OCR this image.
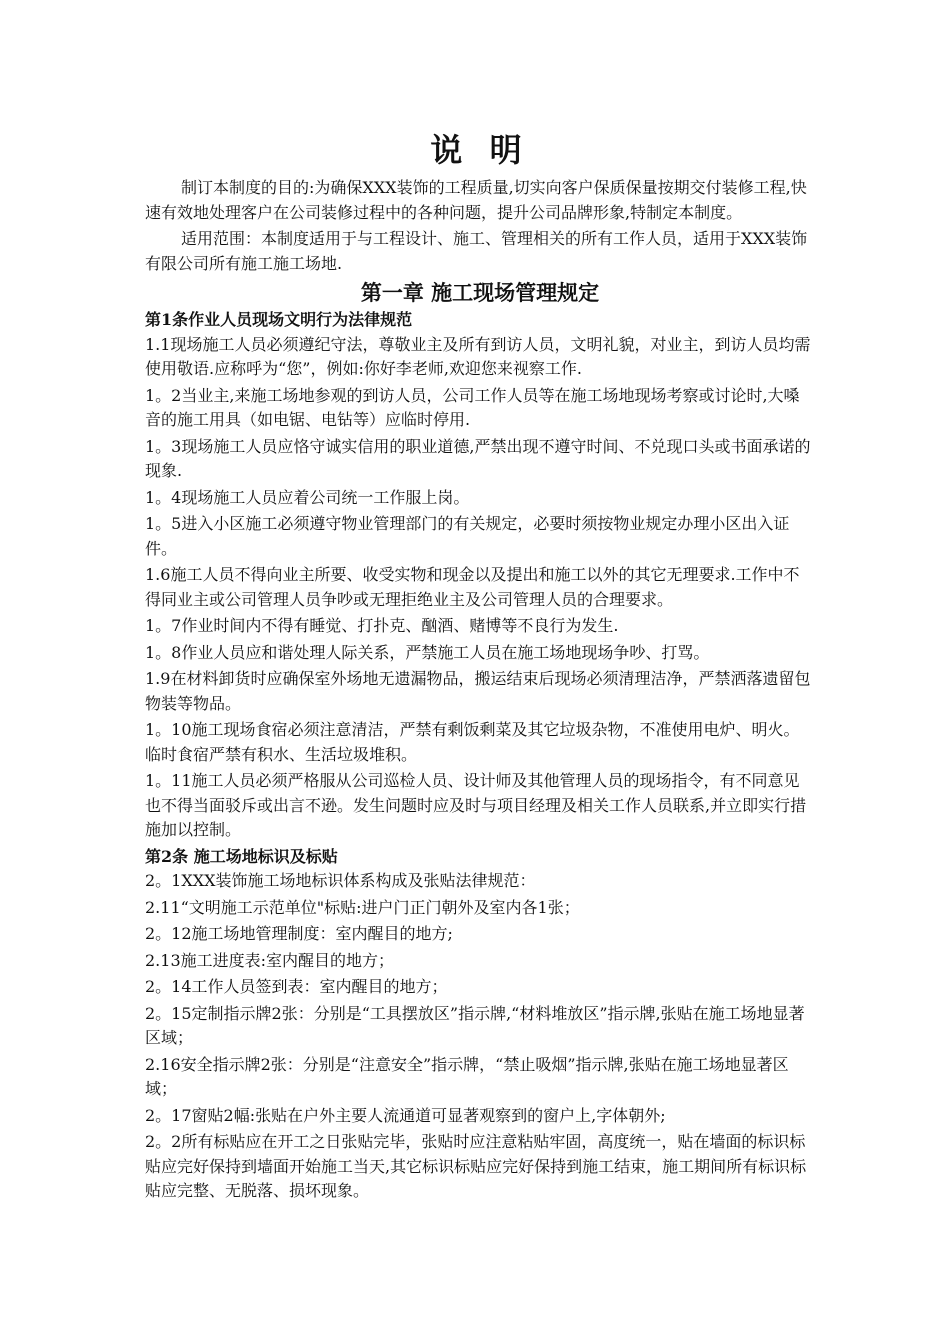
说 明

制订本制度的目的:为确保XXX装饰的工程质量,切实向客户保质保量按期交付装修工程,快速有效地处理客户在公司装修过程中的各种问题，提升公司品牌形象,特制定本制度。

适用范围：本制度适用于与工程设计、施工、管理相关的所有工作人员，适用于XXX装饰有限公司所有施工施工场地.

第一章 施工现场管理规定

第1条作业人员现场文明行为法律规范

1.1现场施工人员必须遵纪守法，尊敬业主及所有到访人员，文明礼貌，对业主，到访人员均需使用敬语.应称呼为“您”，例如:你好李老师,欢迎您来视察工作.

1。2当业主,来施工场地参观的到访人员，公司工作人员等在施工场地现场考察或讨论时,大嗓音的施工用具（如电锯、电钻等）应临时停用.

1。3现场施工人员应恪守诚实信用的职业道德,严禁出现不遵守时间、不兑现口头或书面承诺的现象.

1。4现场施工人员应着公司统一工作服上岗。

1。5进入小区施工必须遵守物业管理部门的有关规定，必要时须按物业规定办理小区出入证件。

1.6施工人员不得向业主所要、收受实物和现金以及提出和施工以外的其它无理要求.工作中不得同业主或公司管理人员争吵或无理拒绝业主及公司管理人员的合理要求。

1。7作业时间内不得有睡觉、打扑克、酗酒、赌博等不良行为发生.

1。8作业人员应和谐处理人际关系，严禁施工人员在施工场地现场争吵、打骂。

1.9在材料卸货时应确保室外场地无遗漏物品，搬运结束后现场必须清理洁净，严禁洒落遗留包物装等物品。

1。10施工现场食宿必须注意清洁，严禁有剩饭剩菜及其它垃圾杂物，不准使用电炉、明火。临时食宿严禁有积水、生活垃圾堆积。

1。11施工人员必须严格服从公司巡检人员、设计师及其他管理人员的现场指令，有不同意见也不得当面驳斥或出言不逊。发生问题时应及时与项目经理及相关工作人员联系,并立即实行措施加以控制。

第2条 施工场地标识及标贴

2。1XXX装饰施工场地标识体系构成及张贴法律规范：

2.11“文明施工示范单位"标贴:进户门正门朝外及室内各1张；

2。12施工场地管理制度：室内醒目的地方;

2.13施工进度表:室内醒目的地方；

2。14工作人员签到表：室内醒目的地方；

2。15定制指示牌2张：分别是“工具摆放区”指示牌,“材料堆放区”指示牌,张贴在施工场地显著区域；

2.16安全指示牌2张：分别是“注意安全”指示牌，“禁止吸烟”指示牌,张贴在施工场地显著区域；

2。17窗贴2幅:张贴在户外主要人流通道可显著观察到的窗户上,字体朝外;

2。2所有标贴应在开工之日张贴完毕，张贴时应注意粘贴牢固，高度统一，贴在墙面的标识标贴应完好保持到墙面开始施工当天,其它标识标贴应完好保持到施工结束，施工期间所有标识标贴应完整、无脱落、损坏现象。
